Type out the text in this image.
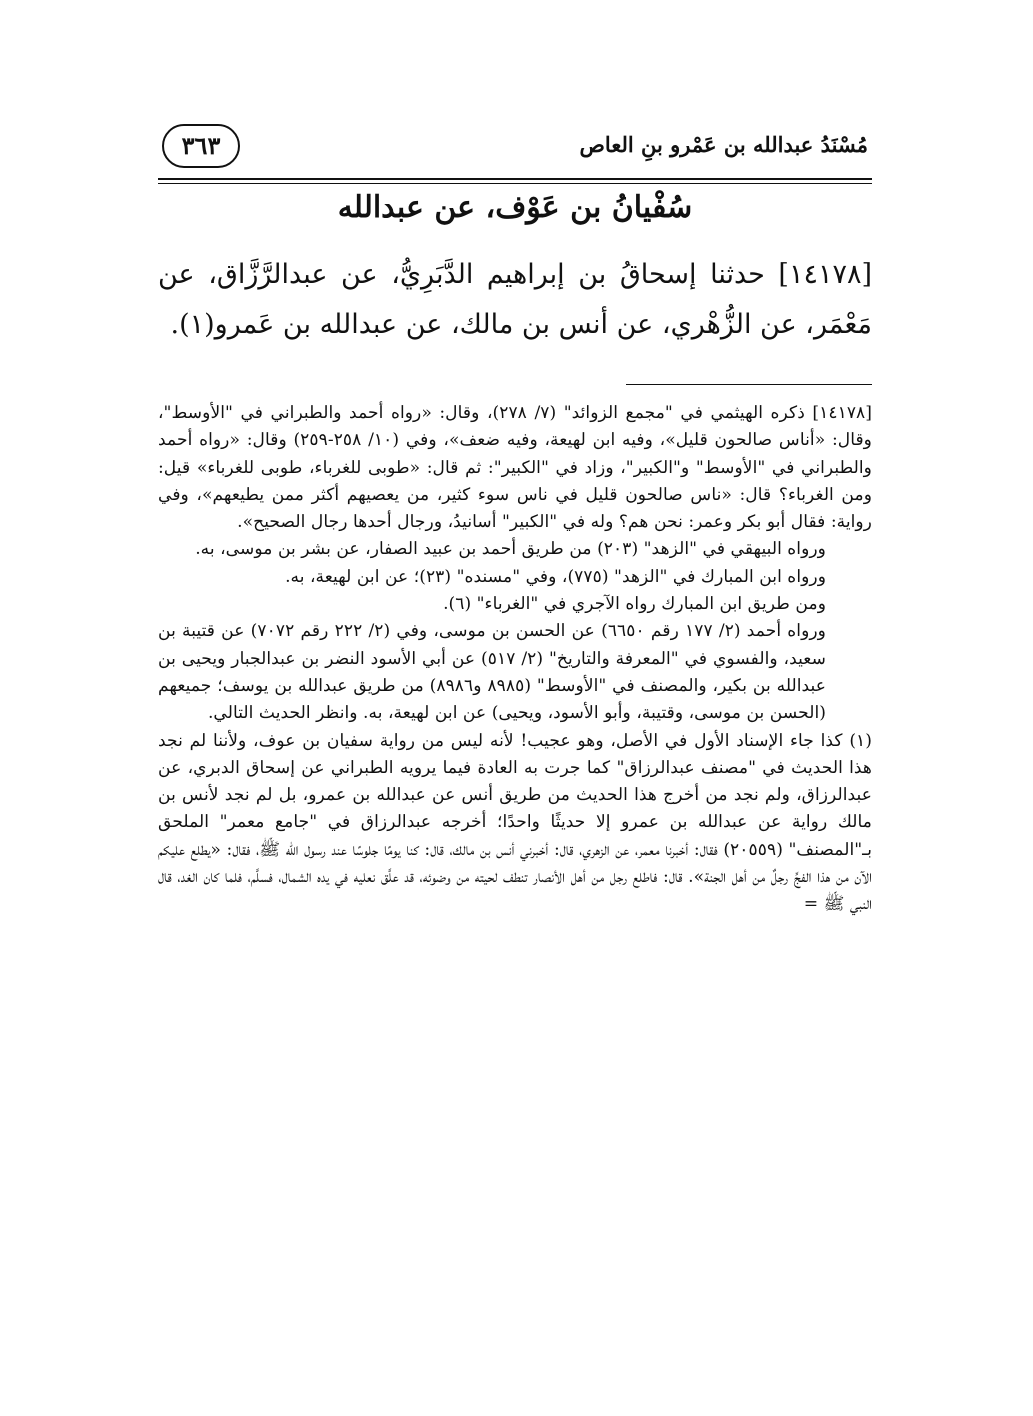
مُسْنَدُ عبدالله بن عَمْرو بنِ العاص
٣٦٣
سُفْيانُ بن عَوْف، عن عبدالله

[١٤١٧٨] حدثنا إسحاقُ بن إبراهيم الدَّبَرِيُّ، عن عبدالرَّزَّاق، عن مَعْمَر، عن الزُّهْري، عن أنس بن مالك، عن عبدالله بن عَمرو(١).

[١٤١٧٨] ذكره الهيثمي في "مجمع الزوائد" (٧/ ٢٧٨)، وقال: «رواه أحمد والطبراني في "الأوسط"، وقال: «أناس صالحون قليل»، وفيه ابن لهيعة، وفيه ضعف»، وفي (١٠/ ٢٥٨-٢٥٩) وقال: «رواه أحمد والطبراني في "الأوسط" و"الكبير"، وزاد في "الكبير": ثم قال: «طوبى للغرباء، طوبى للغرباء» قيل: ومن الغرباء؟ قال: «ناس صالحون قليل في ناس سوء كثير، من يعصيهم أكثر ممن يطيعهم»، وفي رواية: فقال أبو بكر وعمر: نحن هم؟ وله في "الكبير" أسانيدُ، ورجال أحدها رجال الصحيح».

ورواه البيهقي في "الزهد" (٢٠٣) من طريق أحمد بن عبيد الصفار، عن بشر بن موسى، به.

ورواه ابن المبارك في "الزهد" (٧٧٥)، وفي "مسنده" (٢٣)؛ عن ابن لهيعة، به.

ومن طريق ابن المبارك رواه الآجري في "الغرباء" (٦).

ورواه أحمد (٢/ ١٧٧ رقم ٦٦٥٠) عن الحسن بن موسى، وفي (٢/ ٢٢٢ رقم ٧٠٧٢) عن قتيبة بن سعيد، والفسوي في "المعرفة والتاريخ" (٢/ ٥١٧) عن أبي الأسود النضر بن عبدالجبار ويحيى بن عبدالله بن بكير، والمصنف في "الأوسط" (٨٩٨٥ و٨٩٨٦) من طريق عبدالله بن يوسف؛ جميعهم (الحسن بن موسى، وقتيبة، وأبو الأسود، ويحيى) عن ابن لهيعة، به. وانظر الحديث التالي.

(١) كذا جاء الإسناد الأول في الأصل، وهو عجيب! لأنه ليس من رواية سفيان بن عوف، ولأننا لم نجد هذا الحديث في "مصنف عبدالرزاق" كما جرت به العادة فيما يرويه الطبراني عن إسحاق الدبري، عن عبدالرزاق، ولم نجد من أخرج هذا الحديث من طريق أنس عن عبدالله بن عمرو، بل لم نجد لأنس بن مالك رواية عن عبدالله بن عمرو إلا حديثًا واحدًا؛ أخرجه عبدالرزاق في "جامع معمر" الملحق بـ"المصنف" (٢٠٥٥٩) فقال: أخبرنا معمر، عن الزهري، قال: أخبرني أنس بن مالك، قال: كنا يومًا جلوسًا عند رسول الله ﷺ، فقال: «يطلع عليكم الآن من هذا الفجِّ رجلٌ من أهل الجنة». قال: فاطلع رجل من أهل الأنصار تنطف لحيته من وضوئه، قد علَّق نعليه في يده الشمال، فسلَّم، فلما كان الغد، قال النبي ﷺ =
